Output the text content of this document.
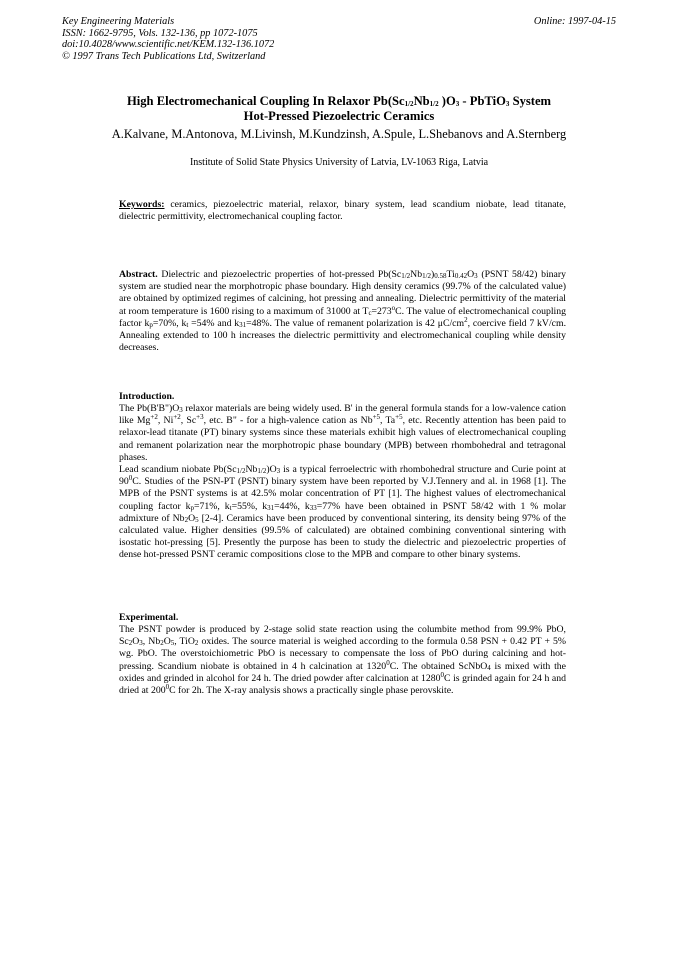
Key Engineering Materials
ISSN: 1662-9795, Vols. 132-136, pp 1072-1075
doi:10.4028/www.scientific.net/KEM.132-136.1072
© 1997 Trans Tech Publications Ltd, Switzerland
Online: 1997-04-15
High Electromechanical Coupling In Relaxor $Pb(Sc_{1/2}Nb_{1/2}$ )$O_3$ - PbTiO$_3$ System
Hot-Pressed Piezoelectric Ceramics
A.Kalvane, M.Antonova, M.Livinsh, M.Kundzinsh, A.Spule, L.Shebanovs and A.Sternberg
Institute of Solid State Physics University of Latvia, LV-1063 Riga, Latvia
Keywords: ceramics, piezoelectric material, relaxor, binary system, lead scandium niobate, lead titanate, dielectric permittivity, electromechanical coupling factor.
Abstract. Dielectric and piezoelectric properties of hot-pressed $Pb(Sc_{1/2}Nb_{1/2})_{0.58}Ti_{0.42}O_3$ (PSNT 58/42) binary system are studied near the morphotropic phase boundary. High density ceramics (99.7% of the calculated value) are obtained by optimized regimes of calcining, hot pressing and annealing. Dielectric permittivity of the material at room temperature is 1600 rising to a maximum of 31000 at $T_c=273^oC$. The value of electromechanical coupling factor $k_p=70\%$, $k_t =54\%$ and $k_{31}=48\%$. The value of remanent polarization is 42 $\mu C/cm^2$, coercive field 7 kV/cm. Annealing extended to 100 h increases the dielectric permittivity and electromechanical coupling while density decreases.
Introduction.

The $Pb(B'B")O_3$ relaxor materials are being widely used. B' in the general formula stands for a low-valence cation like $Mg^{+2}$, $Ni^{+2}$, $Sc^{+3}$, etc. B" - for a high-valence cation as $Nb^{+5}$, $Ta^{+5}$, etc. Recently attention has been paid to relaxor-lead titanate (PT) binary systems since these materials exhibit high values of electromechanical coupling and remanent polarization near the morphotropic phase boundary (MPB) between rhombohedral and tetragonal phases.

Lead scandium niobate $Pb(Sc_{1/2}Nb_{1/2})O_3$ is a typical ferroelectric with rhombohedral structure and Curie point at $90^0C$. Studies of the PSN-PT (PSNT) binary system have been reported by V.J.Tennery and al. in 1968 [1]. The MPB of the PSNT systems is at 42.5% molar concentration of PT [1]. The highest values of electromechanical coupling factor $k_p=71\%$, $k_t=55\%$, $k_{31}=44\%$, $k_{33}=77\%$ have been obtained in PSNT 58/42 with 1 % molar admixture of $Nb_2O_5$ [2-4]. Ceramics have been produced by conventional sintering, its density being 97% of the calculated value. Higher densities (99.5% of calculated) are obtained combining conventional sintering with isostatic hot-pressing [5]. Presently the purpose has been to study the dielectric and piezoelectric properties of dense hot-pressed PSNT ceramic compositions close to the MPB and compare to other binary systems.

Experimental.

The PSNT powder is produced by 2-stage solid state reaction using the columbite method from 99.9% PbO, $Sc_2O_3$, $Nb_2O_5$, TiO$_2$ oxides. The source material is weighed according to the formula 0.58 PSN + 0.42 PT + 5% wg. PbO. The overstoichiometric PbO is necessary to compensate the loss of PbO during calcining and hot-pressing. Scandium niobate is obtained in 4 h calcination at 1320$^0$C. The obtained ScNbO$_4$ is mixed with the oxides and grinded in alcohol for 24 h. The dried powder after calcination at 1280$^0$C is grinded again for 24 h and dried at $200^0C$ for 2h. The X-ray analysis shows a practically single phase perovskite.
